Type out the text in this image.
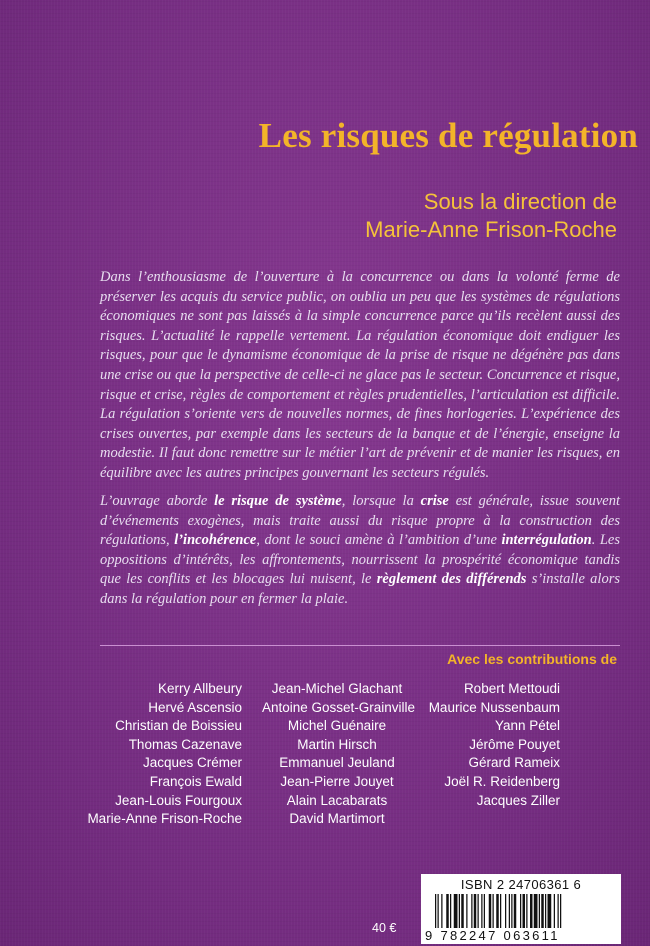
Les risques de régulation
Sous la direction de
Marie-Anne Frison-Roche

Dans l’enthousiasme de l’ouverture à la concurrence ou dans la volonté ferme de préserver les acquis du service public, on oublia un peu que les systèmes de régulations économiques ne sont pas laissés à la simple concurrence parce qu’ils recèlent aussi des risques. L’actualité le rappelle vertement. La régulation économique doit endiguer les risques, pour que le dynamisme économique de la prise de risque ne dégénère pas dans une crise ou que la perspective de celle-ci ne glace pas le secteur. Concurrence et risque, risque et crise, règles de comportement et règles prudentielles, l’articulation est difficile. La régulation s’oriente vers de nouvelles normes, de fines horlogeries. L’expérience des crises ouvertes, par exemple dans les secteurs de la banque et de l’énergie, enseigne la modestie. Il faut donc remettre sur le métier l’art de prévenir et de manier les risques, en équilibre avec les autres principes gouvernant les secteurs régulés.

L’ouvrage aborde le risque de système, lorsque la crise est générale, issue souvent d’événements exogènes, mais traite aussi du risque propre à la construction des régulations, l’incohérence, dont le souci amène à l’ambition d’une interrégulation. Les oppositions d’intérêts, les affrontements, nourrissent la prospérité économique tandis que les conflits et les blocages lui nuisent, le règlement des différends s’installe alors dans la régulation pour en fermer la plaie.

Avec les contributions de
Kerry Allbeury
Hervé Ascensio
Christian de Boissieu
Thomas Cazenave
Jacques Crémer
François Ewald
Jean-Louis Fourgoux
Marie-Anne Frison-Roche
Jean-Michel Glachant
Antoine Gosset-Grainville
Michel Guénaire
Martin Hirsch
Emmanuel Jeuland
Jean-Pierre Jouyet
Alain Lacabarats
David Martimort
Robert Mettoudi
Maurice Nussenbaum
Yann Pétel
Jérôme Pouyet
Gérard Rameix
Joël R. Reidenberg
Jacques Ziller
ISBN 2 24706361 6
9 782247 063611
40 €
